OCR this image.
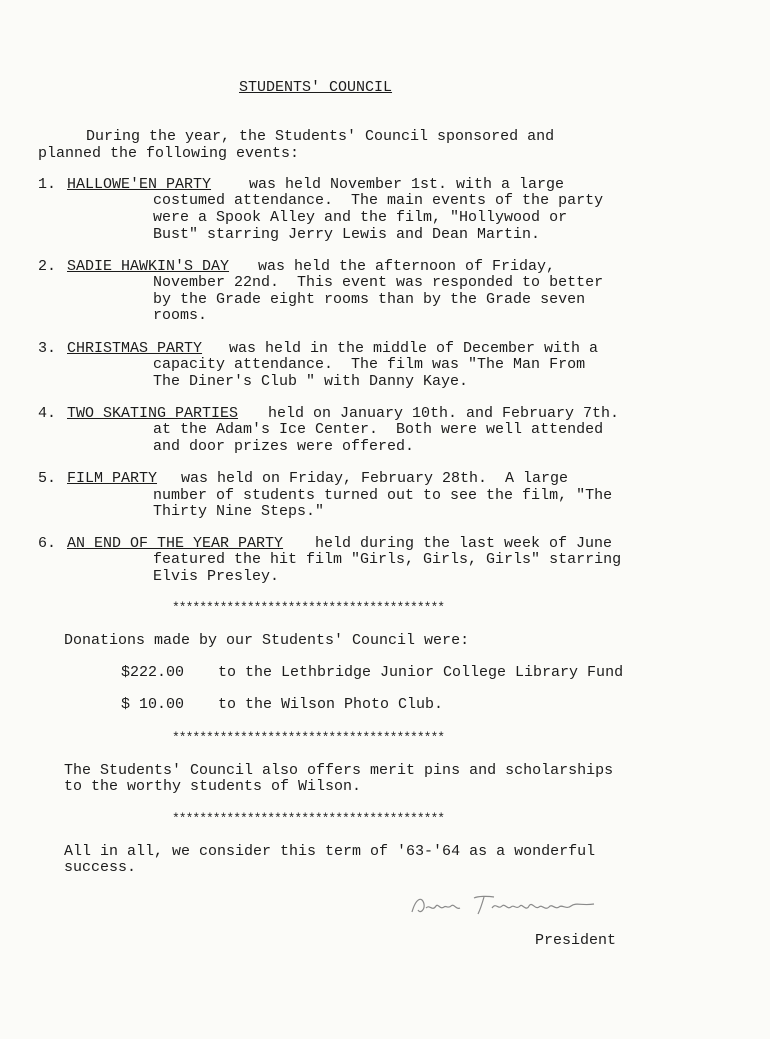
STUDENTS' COUNCIL
During the year, the Students' Council sponsored and
planned the following events:
1. HALLOWE'EN PARTY	was held November 1st. with a large
costumed attendance.  The main events of the party
were a Spook Alley and the film, "Hollywood or
Bust" starring Jerry Lewis and Dean Martin.
2. SADIE HAWKIN'S DAY was held the afternoon of Friday,
November 22nd.  This event was responded to better
by the Grade eight rooms than by the Grade seven
rooms.
3. CHRISTMAS PARTY was held in the middle of December with a
capacity attendance.  The film was "The Man From
The Diner's Club " with Danny Kaye.
4. TWO SKATING PARTIES held on January 10th. and February 7th.
at the Adam's Ice Center.  Both were well attended
and door prizes were offered.
5. FILM PARTY was held on Friday, February 28th.  A large
number of students turned out to see the film, "The
Thirty Nine Steps."
6. AN END OF THE YEAR PARTY held during the last week of June
featured the hit film "Girls, Girls, Girls" starring
Elvis Presley.
****************************************
Donations made by our Students' Council were:
$222.00 to the Lethbridge Junior College Library Fund
$ 10.00 to the Wilson Photo Club.
****************************************
The Students' Council also offers merit pins and scholarships
to the worthy students of Wilson.
****************************************
All in all, we consider this term of '63-'64 as a wonderful
success.
President
